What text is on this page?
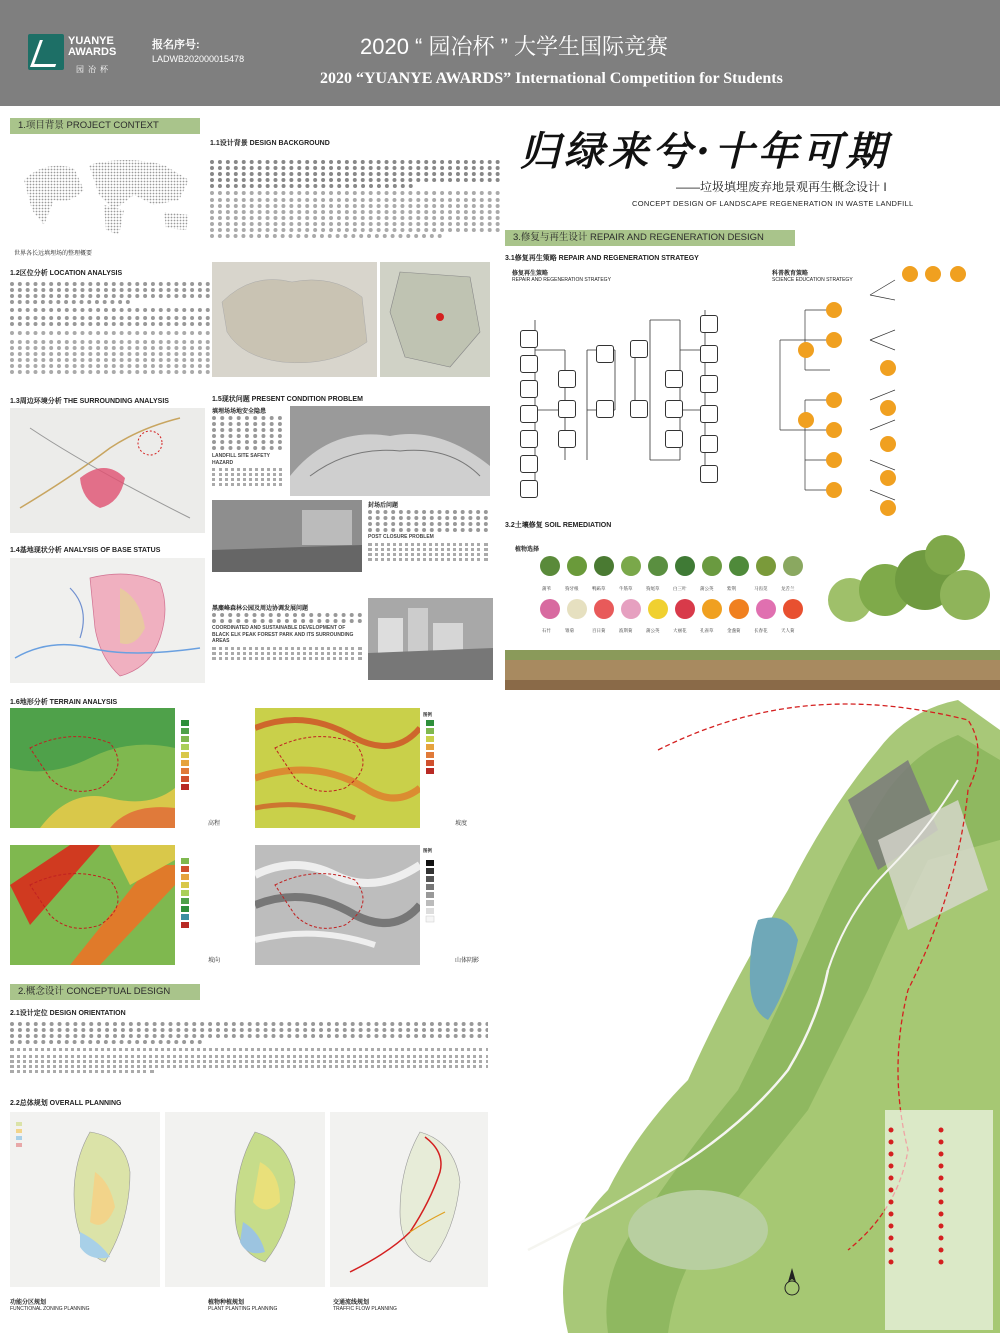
YUANYE AWARDS
园冶杯
报名序号:
LADWB202000015478	2020 “ 园冶杯 ” 大学生国际竞赛
2020 “YUANYE AWARDS” International Competition for Students
1.项目背景 PROJECT CONTEXT
世界各长远填埋场的整理概要
1.1设计背景 DESIGN BACKGROUND	归绿来兮·十年可期
——垃圾填埋废弃地景观再生概念设计 I
CONCEPT DESIGN OF LANDSCAPE REGENERATION IN WASTE LANDFILL
1.2区位分析 LOCATION ANALYSIS
1.3周边环境分析 THE SURROUNDING ANALYSIS	1.5现状问题 PRESENT CONDITION PROBLEM
填埋场场地安全隐患
LANDFILL SITE SAFETY HAZARD
封场后问题
POST CLOSURE PROBLEM
黑麋峰森林公园及周边协调发展问题
COORDINATED AND SUSTAINABLE DEVELOPMENT OF BLACK ELK PEAK FOREST PARK AND ITS SURROUNDING AREAS
1.4基地现状分析 ANALYSIS OF BASE STATUS
1.6地形分析 TERRAIN ANALYSIS
高程
图例
坡度
坡向
图例
山体阴影
2.概念设计 CONCEPTUAL DESIGN
2.1设计定位 DESIGN ORIENTATION
2.2总体规划 OVERALL PLANNING
功能分区规划
FUNCTIONAL ZONING PLANNING
植物种植规划
PLANT PLANTING PLANNING
交通流线规划
TRAFFIC FLOW PLANNING
3.修复与再生设计 REPAIR AND REGENERATION DESIGN
3.1修复再生策略 REPAIR AND REGENERATION STRATEGY
修复再生策略
REPAIR AND REGENERATION STRATEGY
科普教育策略
SCIENCE EDUCATION STRATEGY
3.2土壤修复 SOIL REMEDIATION
植物选择
蒲苇	狗牙根	鸭跖草	牛筋草	狗尾草	白三叶	蒲公英	紫荆	马齿苋	龙舌兰
石竹	雏菊	百日菊	波斯菊	蒲公英	大丽花	孔雀草	金盏菊	长春花	天人菊
